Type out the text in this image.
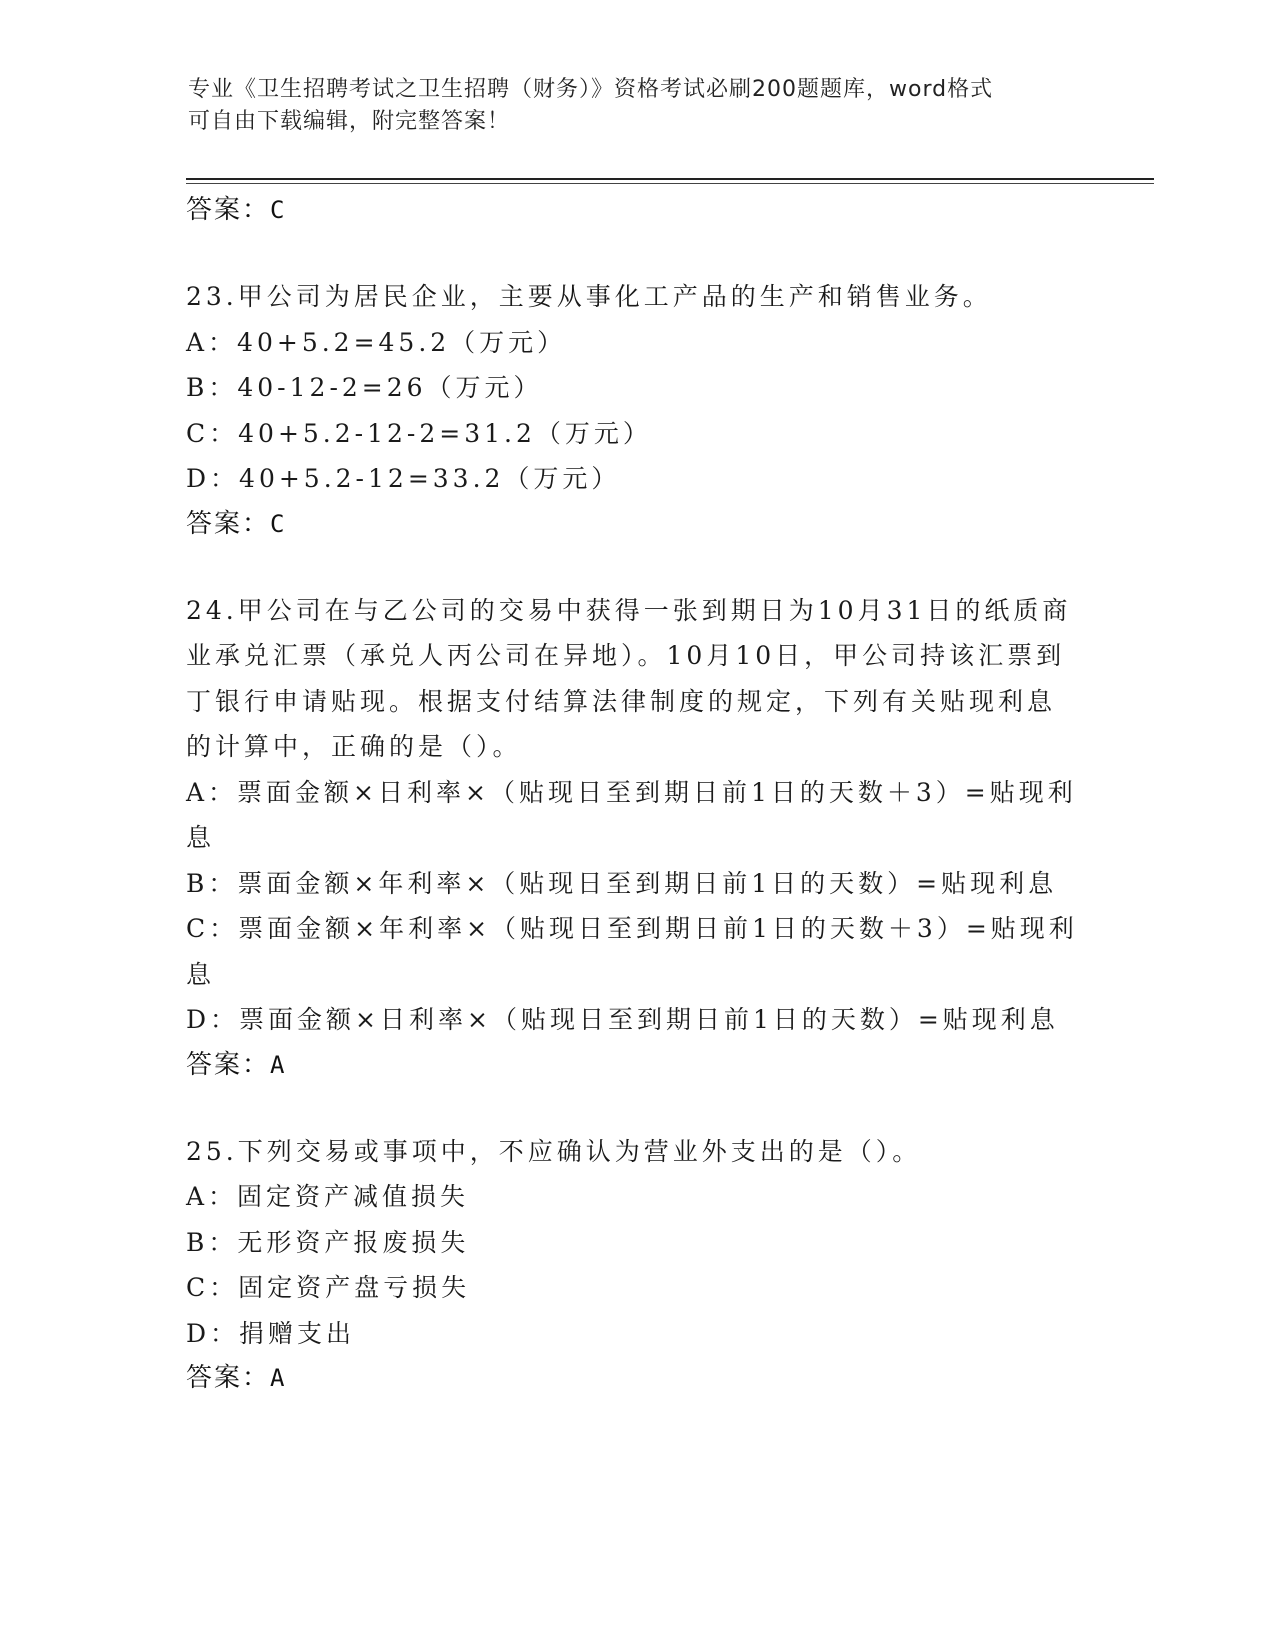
专业《卫生招聘考试之卫生招聘（财务）》资格考试必刷200题题库，word格式
可自由下载编辑，附完整答案！
答案：C
23.甲公司为居民企业，主要从事化工产品的生产和销售业务。
A：40+5.2=45.2（万元）
B：40-12-2=26（万元）
C：40+5.2-12-2=31.2（万元）
D：40+5.2-12=33.2（万元）
答案：C
24.甲公司在与乙公司的交易中获得一张到期日为10月31日的纸质商
业承兑汇票（承兑人丙公司在异地）。10月10日，甲公司持该汇票到
丁银行申请贴现。根据支付结算法律制度的规定，下列有关贴现利息
的计算中，正确的是（）。
A：票面金额×日利率×（贴现日至到期日前1日的天数＋3）=贴现利
息
B：票面金额×年利率×（贴现日至到期日前1日的天数）=贴现利息
C：票面金额×年利率×（贴现日至到期日前1日的天数＋3）=贴现利
息
D：票面金额×日利率×（贴现日至到期日前1日的天数）=贴现利息
答案：A
25.下列交易或事项中，不应确认为营业外支出的是（）。
A：固定资产减值损失
B：无形资产报废损失
C：固定资产盘亏损失
D：捐赠支出
答案：A
